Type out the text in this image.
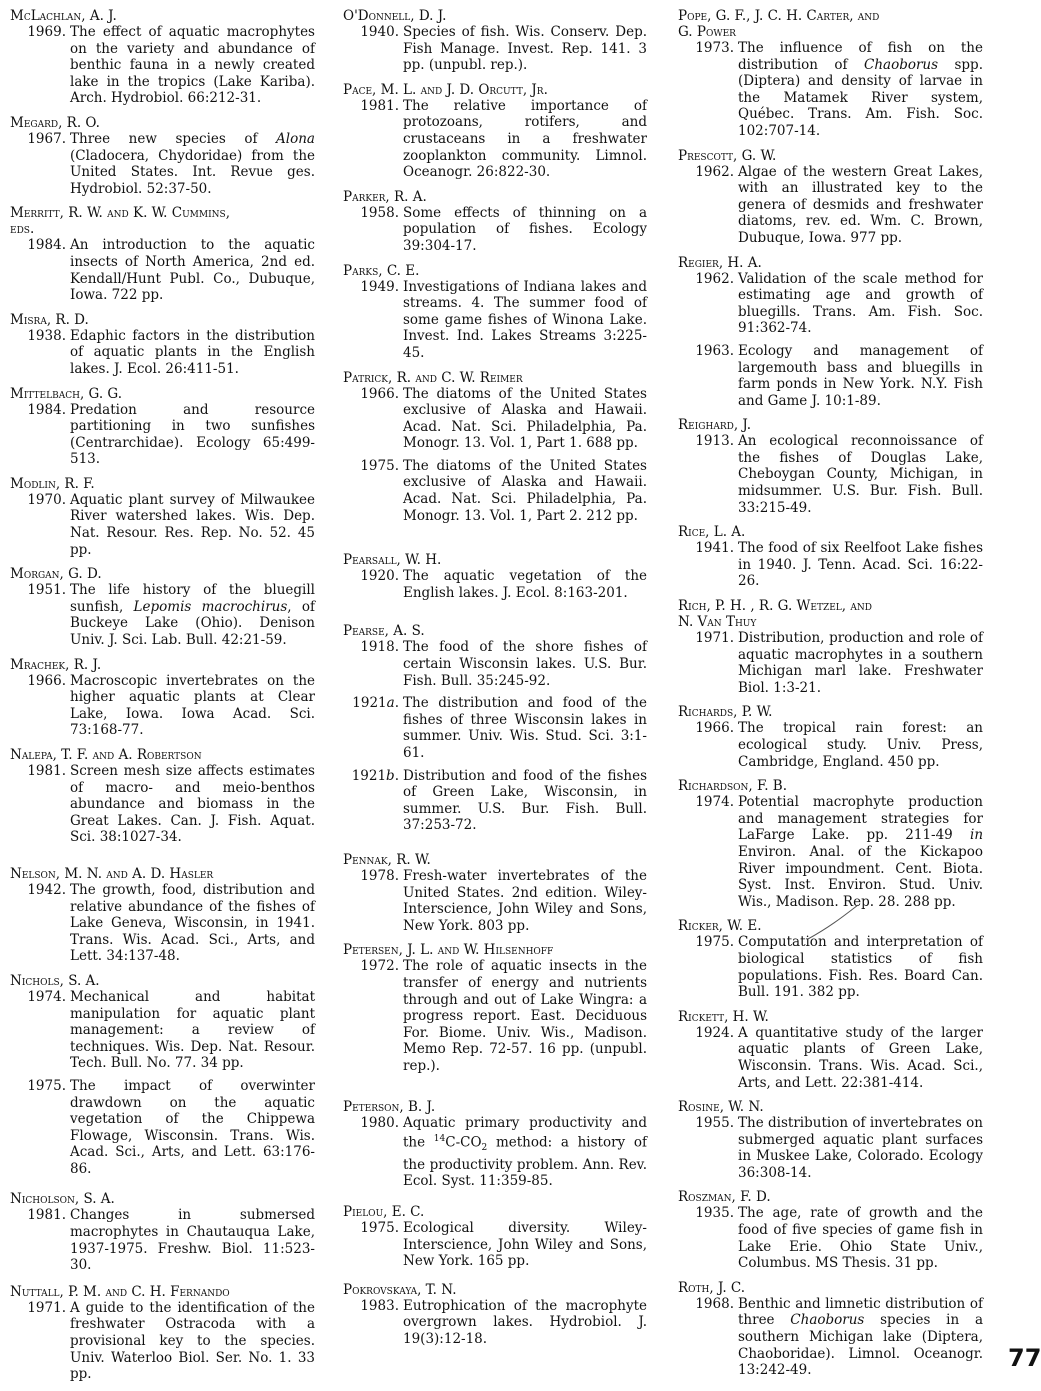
McLachlan, A. J.
1969. The effect of aquatic macrophytes on the variety and abundance of benthic fauna in a newly created lake in the tropics (Lake Kariba). Arch. Hydrobiol. 66:212-31.
Megard, R. O.
1967. Three new species of Alona (Cladocera, Chydoridae) from the United States. Int. Revue ges. Hydrobiol. 52:37-50.
Merritt, R. W. and K. W. Cummins,
eds.
1984. An introduction to the aquatic insects of North America, 2nd ed. Kendall/Hunt Publ. Co., Dubuque, Iowa. 722 pp.
Misra, R. D.
1938. Edaphic factors in the distribution of aquatic plants in the English lakes. J. Ecol. 26:411-51.
Mittelbach, G. G.
1984. Predation and resource partitioning in two sunfishes (Centrarchidae). Ecology 65:499-513.
Modlin, R. F.
1970. Aquatic plant survey of Milwaukee River watershed lakes. Wis. Dep. Nat. Resour. Res. Rep. No. 52. 45 pp.
Morgan, G. D.
1951. The life history of the bluegill sunfish, Lepomis macrochirus, of Buckeye Lake (Ohio). Denison Univ. J. Sci. Lab. Bull. 42:21-59.
Mrachek, R. J.
1966. Macroscopic invertebrates on the higher aquatic plants at Clear Lake, Iowa. Iowa Acad. Sci. 73:168-77.
Nalepa, T. F. and A. Robertson
1981. Screen mesh size affects estimates of macro- and meio-benthos abundance and biomass in the Great Lakes. Can. J. Fish. Aquat. Sci. 38:1027-34.
Nelson, M. N. and A. D. Hasler
1942. The growth, food, distribution and relative abundance of the fishes of Lake Geneva, Wisconsin, in 1941. Trans. Wis. Acad. Sci., Arts, and Lett. 34:137-48.
Nichols, S. A.
1974. Mechanical and habitat manipulation for aquatic plant management: a review of techniques. Wis. Dep. Nat. Resour. Tech. Bull. No. 77. 34 pp.
1975. The impact of overwinter drawdown on the aquatic vegetation of the Chippewa Flowage, Wisconsin. Trans. Wis. Acad. Sci., Arts, and Lett. 63:176-86.
Nicholson, S. A.
1981. Changes in submersed macrophytes in Chautauqua Lake, 1937-1975. Freshw. Biol. 11:523-30.
Nuttall, P. M. and C. H. Fernando
1971. A guide to the identification of the freshwater Ostracoda with a provisional key to the species. Univ. Waterloo Biol. Ser. No. 1. 33 pp.
O'Donnell, D. J.
1940. Species of fish. Wis. Conserv. Dep. Fish Manage. Invest. Rep. 141. 3 pp. (unpubl. rep.).
Pace, M. L. and J. D. Orcutt, Jr.
1981. The relative importance of protozoans, rotifers, and crustaceans in a freshwater zooplankton community. Limnol. Oceanogr. 26:822-30.
Parker, R. A.
1958. Some effects of thinning on a population of fishes. Ecology 39:304-17.
Parks, C. E.
1949. Investigations of Indiana lakes and streams. 4. The summer food of some game fishes of Winona Lake. Invest. Ind. Lakes Streams 3:225-45.
Patrick, R. and C. W. Reimer
1966. The diatoms of the United States exclusive of Alaska and Hawaii. Acad. Nat. Sci. Philadelphia, Pa. Monogr. 13. Vol. 1, Part 1. 688 pp.
1975. The diatoms of the United States exclusive of Alaska and Hawaii. Acad. Nat. Sci. Philadelphia, Pa. Monogr. 13. Vol. 1, Part 2. 212 pp.
Pearsall, W. H.
1920. The aquatic vegetation of the English lakes. J. Ecol. 8:163-201.
Pearse, A. S.
1918. The food of the shore fishes of certain Wisconsin lakes. U.S. Bur. Fish. Bull. 35:245-92.
1921a. The distribution and food of the fishes of three Wisconsin lakes in summer. Univ. Wis. Stud. Sci. 3:1-61.
1921b. Distribution and food of the fishes of Green Lake, Wisconsin, in summer. U.S. Bur. Fish. Bull. 37:253-72.
Pennak, R. W.
1978. Fresh-water invertebrates of the United States. 2nd edition. Wiley-Interscience, John Wiley and Sons, New York. 803 pp.
Petersen, J. L. and W. Hilsenhoff
1972. The role of aquatic insects in the transfer of energy and nutrients through and out of Lake Wingra: a progress report. East. Deciduous For. Biome. Univ. Wis., Madison. Memo Rep. 72-57. 16 pp. (unpubl. rep.).
Peterson, B. J.
1980. Aquatic primary productivity and the $^{14}C-CO_2$ method: a history of the productivity problem. Ann. Rev. Ecol. Syst. 11:359-85.
Pielou, E. C.
1975. Ecological diversity. Wiley-Interscience, John Wiley and Sons, New York. 165 pp.
Pokrovskaya, T. N.
1983. Eutrophication of the macrophyte overgrown lakes. Hydrobiol. J. 19(3):12-18.
Pope, G. F., J. C. H. Carter, and
G. Power
1973. The influence of fish on the distribution of Chaoborus spp. (Diptera) and density of larvae in the Matamek River system, Québec. Trans. Am. Fish. Soc. 102:707-14.
Prescott, G. W.
1962. Algae of the western Great Lakes, with an illustrated key to the genera of desmids and freshwater diatoms, rev. ed. Wm. C. Brown, Dubuque, Iowa. 977 pp.
Regier, H. A.
1962. Validation of the scale method for estimating age and growth of bluegills. Trans. Am. Fish. Soc. 91:362-74.
1963. Ecology and management of largemouth bass and bluegills in farm ponds in New York. N.Y. Fish and Game J. 10:1-89.
Reighard, J.
1913. An ecological reconnoissance of the fishes of Douglas Lake, Cheboygan County, Michigan, in midsummer. U.S. Bur. Fish. Bull. 33:215-49.
Rice, L. A.
1941. The food of six Reelfoot Lake fishes in 1940. J. Tenn. Acad. Sci. 16:22-26.
Rich, P. H. , R. G. Wetzel, and
N. Van Thuy
1971. Distribution, production and role of aquatic macrophytes in a southern Michigan marl lake. Freshwater Biol. 1:3-21.
Richards, P. W.
1966. The tropical rain forest: an ecological study. Univ. Press, Cambridge, England. 450 pp.
Richardson, F. B.
1974. Potential macrophyte production and management strategies for LaFarge Lake. pp. 211-49 in Environ. Anal. of the Kickapoo River impoundment. Cent. Biota. Syst. Inst. Environ. Stud. Univ. Wis., Madison. Rep. 28. 288 pp.
Ricker, W. E.
1975. Computation and interpretation of biological statistics of fish populations. Fish. Res. Board Can. Bull. 191. 382 pp.
Rickett, H. W.
1924. A quantitative study of the larger aquatic plants of Green Lake, Wisconsin. Trans. Wis. Acad. Sci., Arts, and Lett. 22:381-414.
Rosine, W. N.
1955. The distribution of invertebrates on submerged aquatic plant surfaces in Muskee Lake, Colorado. Ecology 36:308-14.
Roszman, F. D.
1935. The age, rate of growth and the food of five species of game fish in Lake Erie. Ohio State Univ., Columbus. MS Thesis. 31 pp.
Roth, J. C.
1968. Benthic and limnetic distribution of three Chaoborus species in a southern Michigan lake (Diptera, Chaoboridae). Limnol. Oceanogr. 13:242-49.	77
